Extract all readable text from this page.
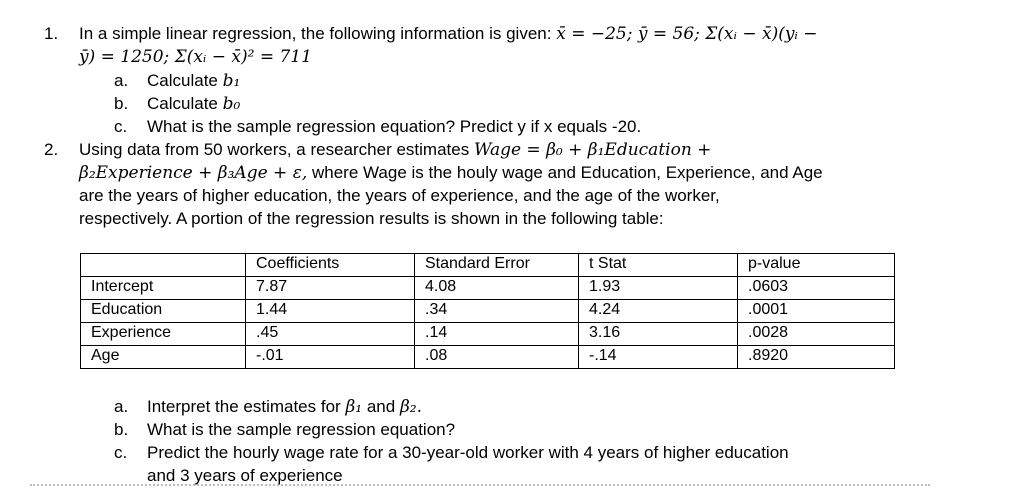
1. In a simple linear regression, the following information is given: x̄ = −25; ȳ = 56; Σ(xᵢ − x̄)(yᵢ −
ȳ) = 1250; Σ(xᵢ − x̄)² = 711
a. Calculate b₁
b. Calculate b₀
c. What is the sample regression equation? Predict y if x equals -20.
2. Using data from 50 workers, a researcher estimates Wage = β₀ + β₁Education +
β₂Experience + β₃Age + ε, where Wage is the houly wage and Education, Experience, and Age
are the years of higher education, the years of experience, and the age of the worker,
respectively. A portion of the regression results is shown in the following table:
	Coefficients	Standard Error	t Stat	p-value
Intercept	7.87	4.08	1.93	.0603
Education	1.44	.34	4.24	.0001
Experience	.45	.14	3.16	.0028
Age	-.01	.08	-.14	.8920
a. Interpret the estimates for β₁ and β₂.
b. What is the sample regression equation?
c. Predict the hourly wage rate for a 30-year-old worker with 4 years of higher education
and 3 years of experience
